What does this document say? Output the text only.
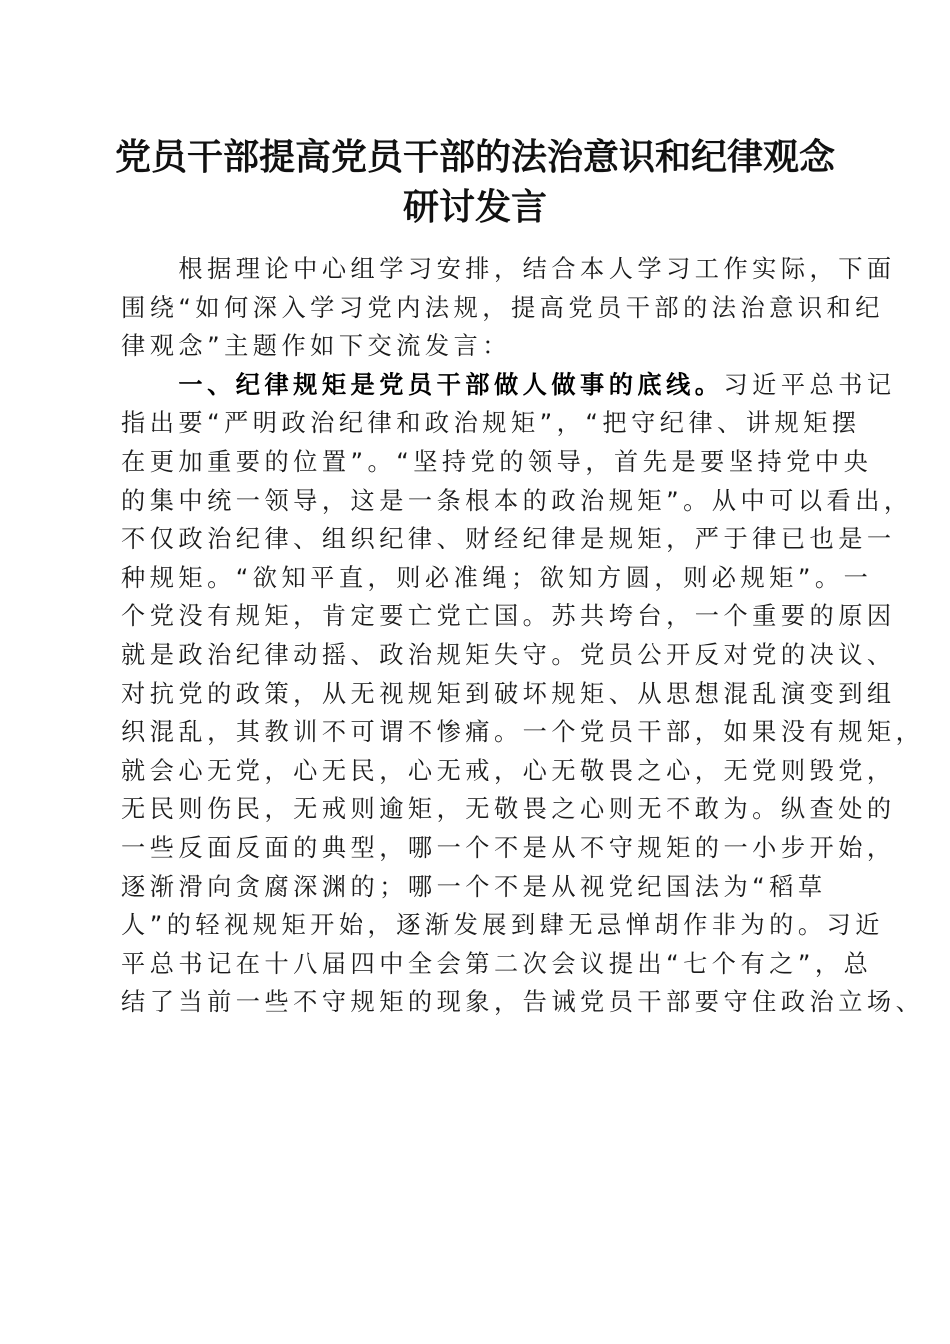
党员干部提高党员干部的法治意识和纪律观念
研讨发言
　　根据理论中心组学习安排，结合本人学习工作实际，下面
围绕“如何深入学习党内法规，提高党员干部的法治意识和纪
律观念”主题作如下交流发言：
　　一、纪律规矩是党员干部做人做事的底线。习近平总书记
指出要“严明政治纪律和政治规矩”，“把守纪律、讲规矩摆
在更加重要的位置”。“坚持党的领导，首先是要坚持党中央
的集中统一领导，这是一条根本的政治规矩”。从中可以看出，
不仅政治纪律、组织纪律、财经纪律是规矩，严于律已也是一
种规矩。“欲知平直，则必准绳；欲知方圆，则必规矩”。一
个党没有规矩，肯定要亡党亡国。苏共垮台，一个重要的原因
就是政治纪律动摇、政治规矩失守。党员公开反对党的决议、
对抗党的政策，从无视规矩到破坏规矩、从思想混乱演变到组
织混乱，其教训不可谓不惨痛。一个党员干部，如果没有规矩，
就会心无党，心无民，心无戒，心无敬畏之心，无党则毁党，
无民则伤民，无戒则逾矩，无敬畏之心则无不敢为。纵查处的
一些反面反面的典型，哪一个不是从不守规矩的一小步开始，
逐渐滑向贪腐深渊的；哪一个不是从视党纪国法为“稻草
人”的轻视规矩开始，逐渐发展到肆无忌惮胡作非为的。习近
平总书记在十八届四中全会第二次会议提出“七个有之”，总
结了当前一些不守规矩的现象，告诫党员干部要守住政治立场、
